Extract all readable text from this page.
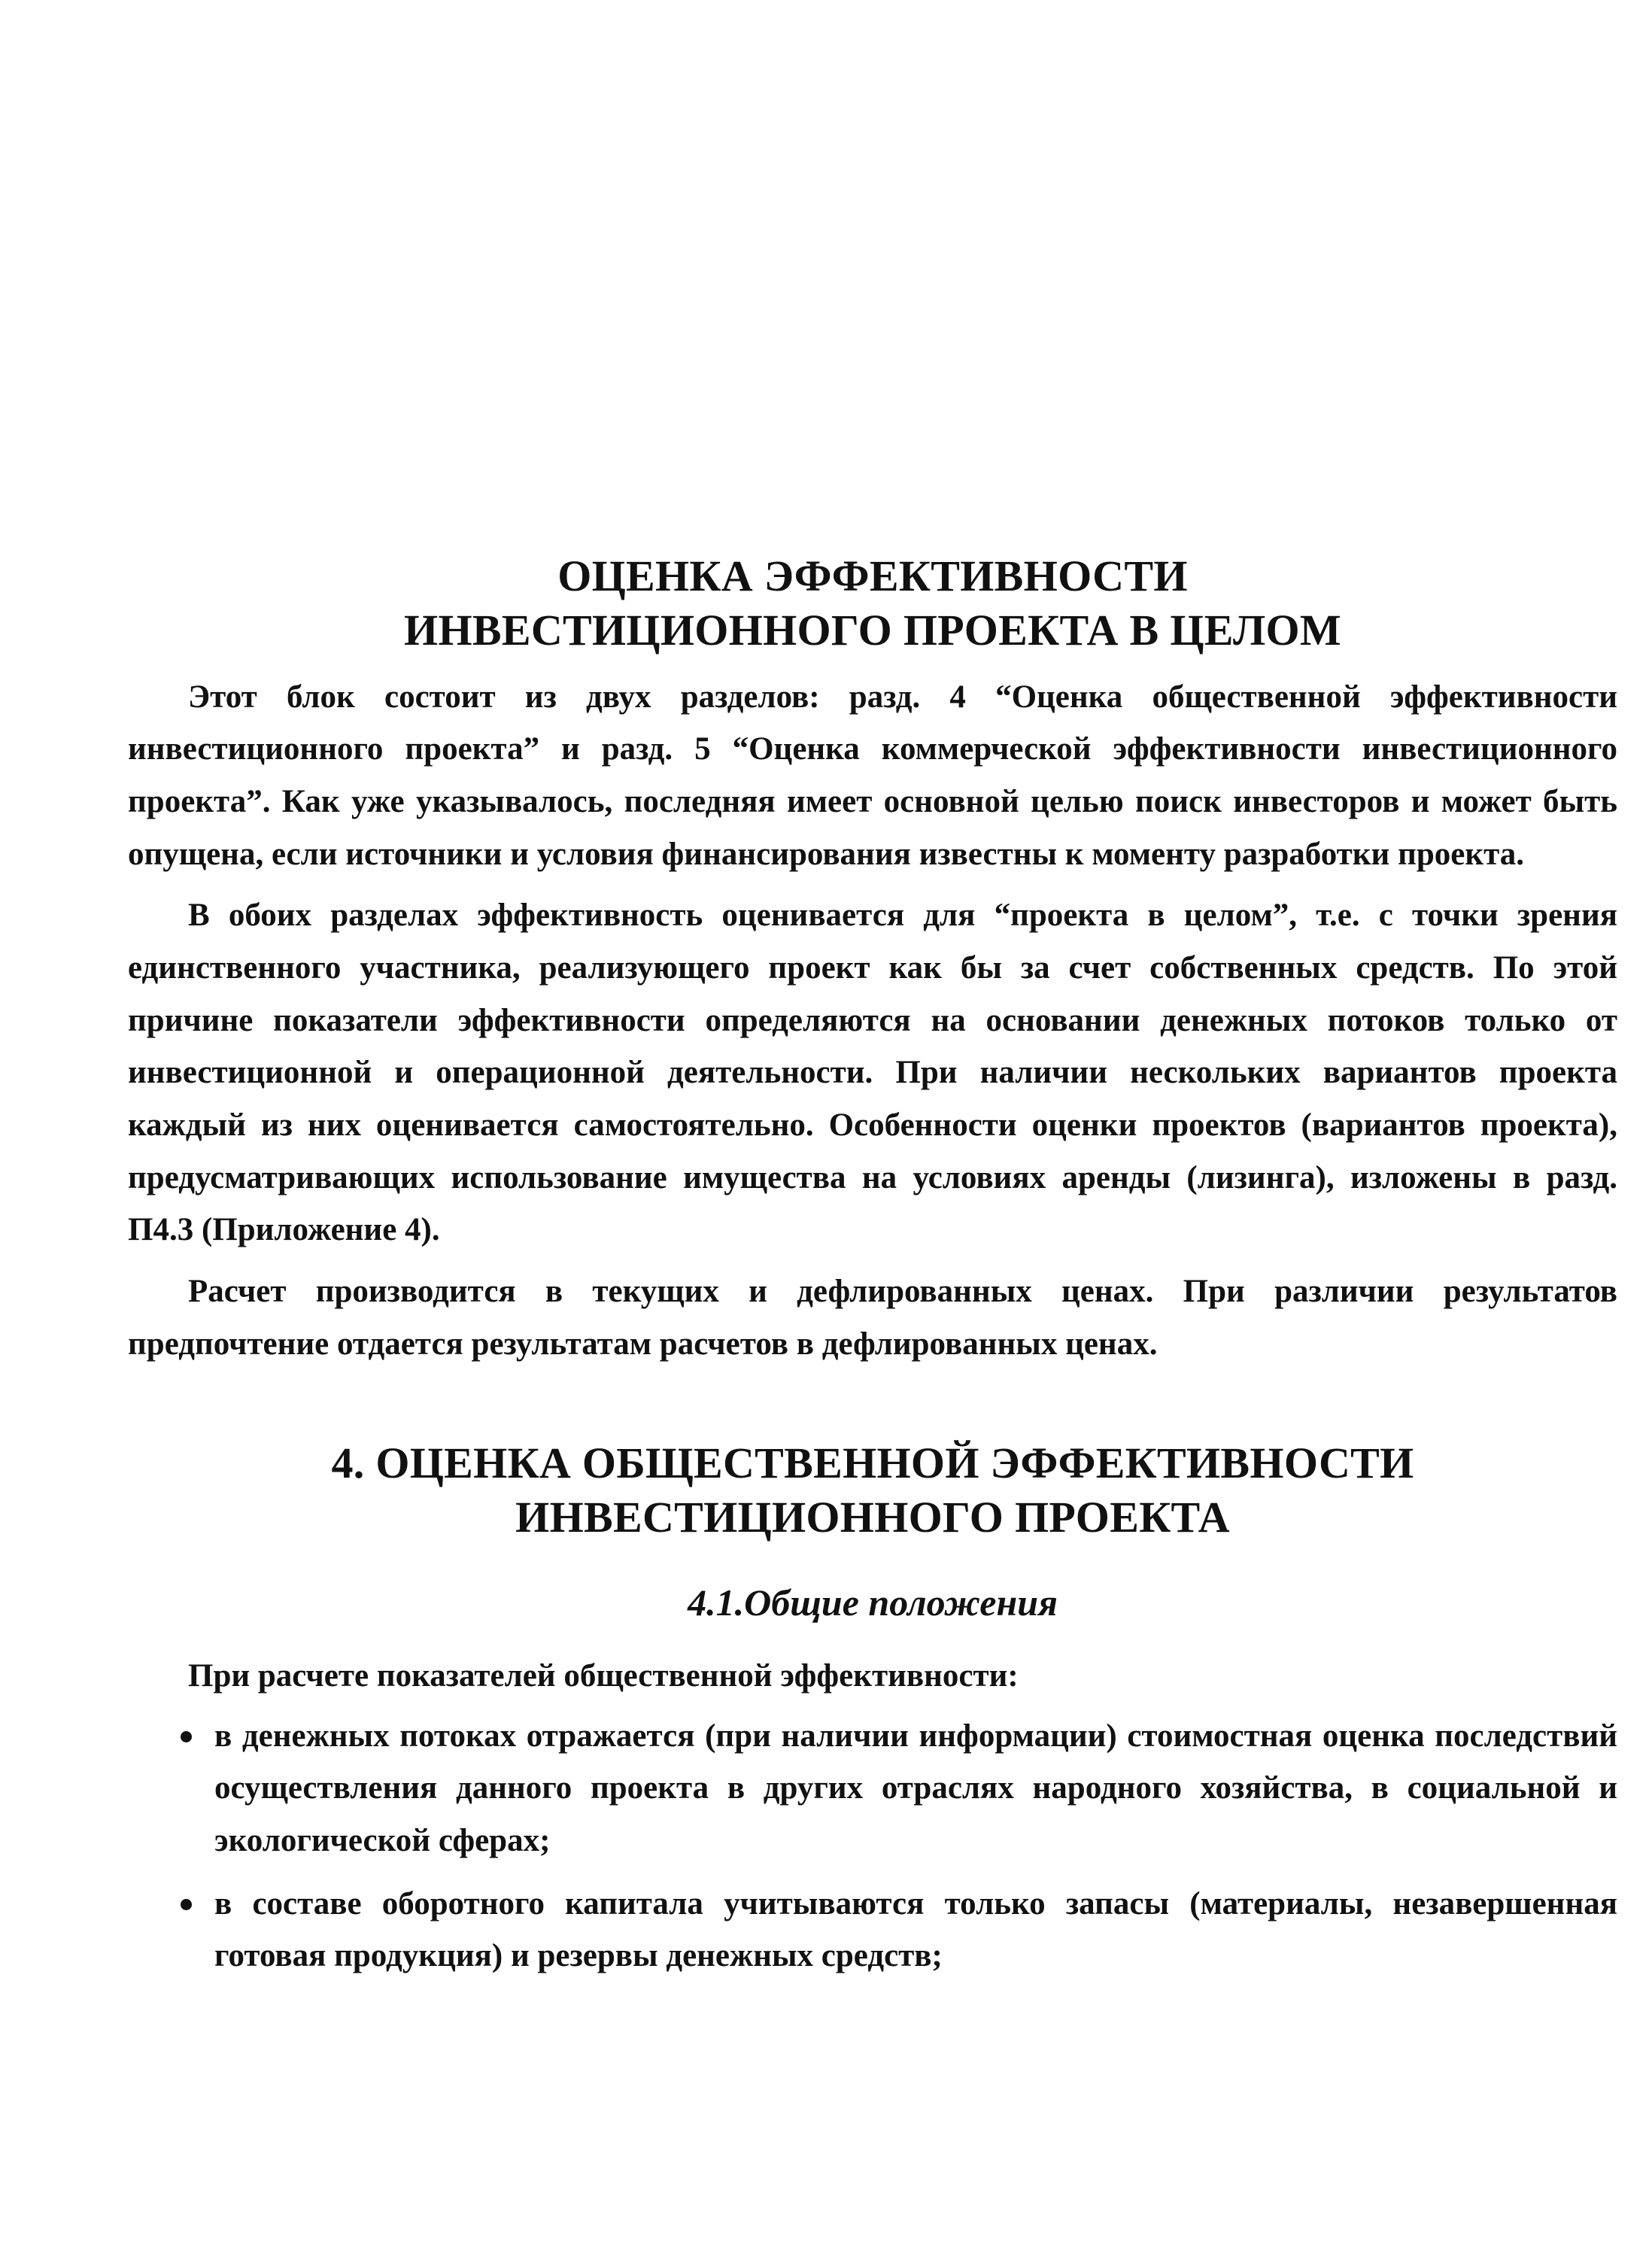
ОЦЕНКА ЭФФЕКТИВНОСТИ
ИНВЕСТИЦИОННОГО ПРОЕКТА В ЦЕЛОМ

Этот блок состоит из двух разделов: разд. 4 “Оценка общественной эффективности инвестиционного проекта” и разд. 5 “Оценка коммерческой эффективности инвестиционного проекта”. Как уже указывалось, последняя имеет основной целью поиск инвесторов и может быть опущена, если источники и условия финансирования известны к моменту разработки проекта.

В обоих разделах эффективность оценивается для “проекта в целом”, т.е. с точки зрения единственного участника, реализующего проект как бы за счет собственных средств. По этой причине показатели эффективности определяются на основании денежных потоков только от инвестиционной и операционной деятельности. При наличии нескольких вариантов проекта каждый из них оценивается самостоятельно. Особенности оценки проектов (вариантов проекта), предусматривающих использование имущества на условиях аренды (лизинга), изложены в разд. П4.3 (Приложение 4).

Расчет производится в текущих и дефлированных ценах. При различии результатов предпочтение отдается результатам расчетов в дефлированных ценах.

4. ОЦЕНКА ОБЩЕСТВЕННОЙ ЭФФЕКТИВНОСТИ
ИНВЕСТИЦИОННОГО ПРОЕКТА
4.1.Общие положения

При расчете показателей общественной эффективности:

в денежных потоках отражается (при наличии информации) стоимостная оценка последствий осуществления данного проекта в других отраслях народного хозяйства, в социальной и экологической сферах;
в составе оборотного капитала учитываются только запасы (материалы, незавершенная готовая продукция) и резервы денежных средств;
